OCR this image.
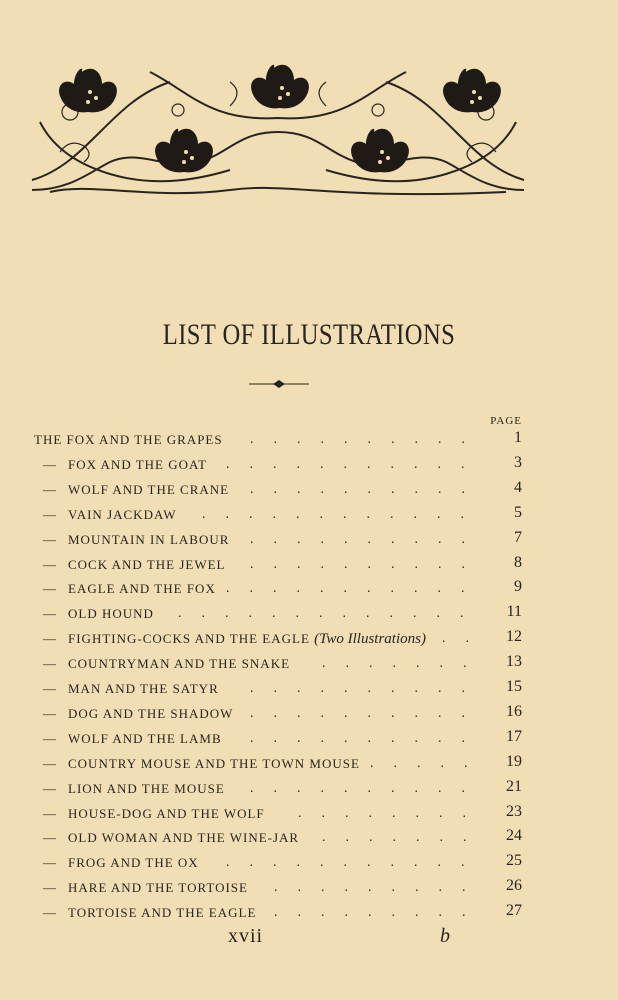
LIST OF ILLUSTRATIONS
PAGE
THE FOX AND THE GRAPES	1
..........
— FOX AND THE GOAT	3
...........
— WOLF AND THE CRANE	4
..........
— VAIN JACKDAW	5
............
— MOUNTAIN IN LABOUR	7
..........
— COCK AND THE JEWEL	8
..........
— EAGLE AND THE FOX	9
...........
— OLD HOUND	11
.............
— FIGHTING-COCKS AND THE EAGLE (Two Illustrations)	12
..
— COUNTRYMAN AND THE SNAKE	13
.......
— MAN AND THE SATYR	15
..........
— DOG AND THE SHADOW	16
..........
— WOLF AND THE LAMB	17
..........
— COUNTRY MOUSE AND THE TOWN MOUSE	19
.....
— LION AND THE MOUSE	21
..........
— HOUSE-DOG AND THE WOLF	23
........
— OLD WOMAN AND THE WINE-JAR	24
.......
— FROG AND THE OX	25
...........
— HARE AND THE TORTOISE	26
.........
— TORTOISE AND THE EAGLE	27
.........
xvii	b
